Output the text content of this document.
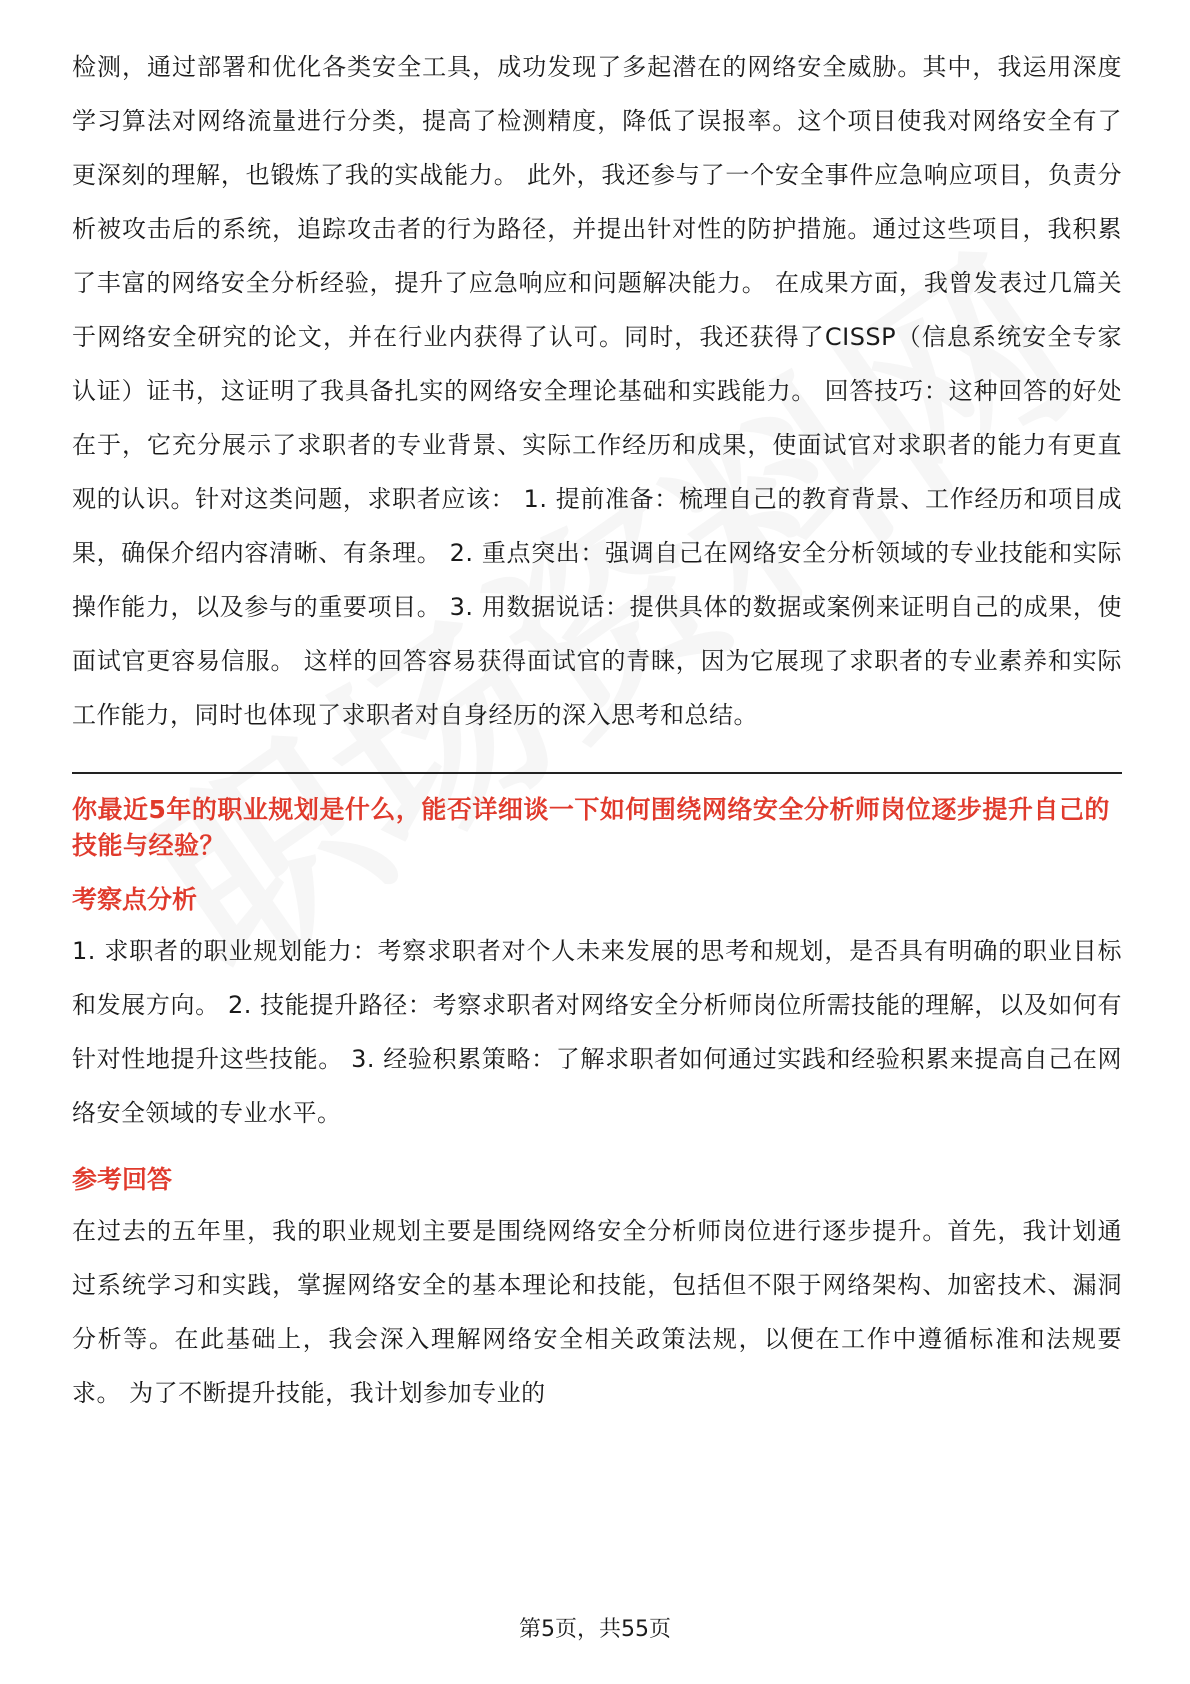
检测，通过部署和优化各类安全工具，成功发现了多起潜在的网络安全威胁。其中，我运用深度学习算法对网络流量进行分类，提高了检测精度，降低了误报率。这个项目使我对网络安全有了更深刻的理解，也锻炼了我的实战能力。 此外，我还参与了一个安全事件应急响应项目，负责分析被攻击后的系统，追踪攻击者的行为路径，并提出针对性的防护措施。通过这些项目，我积累了丰富的网络安全分析经验，提升了应急响应和问题解决能力。 在成果方面，我曾发表过几篇关于网络安全研究的论文，并在行业内获得了认可。同时，我还获得了CISSP（信息系统安全专家认证）证书，这证明了我具备扎实的网络安全理论基础和实践能力。 回答技巧：这种回答的好处在于，它充分展示了求职者的专业背景、实际工作经历和成果，使面试官对求职者的能力有更直观的认识。针对这类问题，求职者应该： 1. 提前准备：梳理自己的教育背景、工作经历和项目成果，确保介绍内容清晰、有条理。 2. 重点突出：强调自己在网络安全分析领域的专业技能和实际操作能力，以及参与的重要项目。 3. 用数据说话：提供具体的数据或案例来证明自己的成果，使面试官更容易信服。 这样的回答容易获得面试官的青睐，因为它展现了求职者的专业素养和实际工作能力，同时也体现了求职者对自身经历的深入思考和总结。

你最近5年的职业规划是什么，能否详细谈一下如何围绕网络安全分析师岗位逐步提升自己的技能与经验？

考察点分析

1. 求职者的职业规划能力：考察求职者对个人未来发展的思考和规划，是否具有明确的职业目标和发展方向。 2. 技能提升路径：考察求职者对网络安全分析师岗位所需技能的理解，以及如何有针对性地提升这些技能。 3. 经验积累策略：了解求职者如何通过实践和经验积累来提高自己在网络安全领域的专业水平。

参考回答

在过去的五年里，我的职业规划主要是围绕网络安全分析师岗位进行逐步提升。首先，我计划通过系统学习和实践，掌握网络安全的基本理论和技能，包括但不限于网络架构、加密技术、漏洞分析等。在此基础上，我会深入理解网络安全相关政策法规，以便在工作中遵循标准和法规要求。 为了不断提升技能，我计划参加专业的

第5页，共55页
